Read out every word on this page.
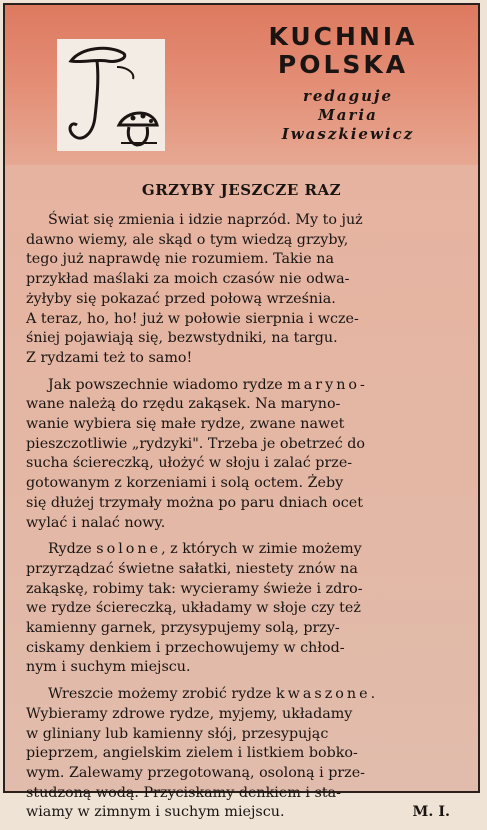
KUCHNIA
POLSKA
redaguje
Maria
Iwaszkiewicz
GRZYBY JESZCZE RAZ

Świat się zmienia i idzie naprzód. My to już
dawno wiemy, ale skąd o tym wiedzą grzyby,
tego już naprawdę nie rozumiem. Takie na
przykład maślaki za moich czasów nie odwa-
żyłyby się pokazać przed połową września.
A teraz, ho, ho! już w połowie sierpnia i wcze-
śniej pojawiają się, bezwstydniki, na targu.
Z rydzami też to samo!

Jak powszechnie wiadomo rydze maryno-
wane należą do rzędu zakąsek. Na maryno-
wanie wybiera się małe rydze, zwane nawet
pieszczotliwie „rydzyki". Trzeba je obetrzeć do
sucha ściereczką, ułożyć w słoju i zalać prze-
gotowanym z korzeniami i solą octem. Żeby
się dłużej trzymały można po paru dniach ocet
wylać i nalać nowy.

Rydze solone, z których w zimie możemy
przyrządzać świetne sałatki, niestety znów na
zakąskę, robimy tak: wycieramy świeże i zdro-
we rydze ściereczką, układamy w słoje czy też
kamienny garnek, przysypujemy solą, przy-
ciskamy denkiem i przechowujemy w chłod-
nym i suchym miejscu.

Wreszcie możemy zrobić rydze kwaszone.
Wybieramy zdrowe rydze, myjemy, układamy
w gliniany lub kamienny słój, przesypując
pieprzem, angielskim zielem i listkiem bobko-
wym. Zalewamy przegotowaną, osoloną i prze-
studzoną wodą. Przyciskamy denkiem i sta-
wiamy w zimnym i suchym miejscu.	M. I.
